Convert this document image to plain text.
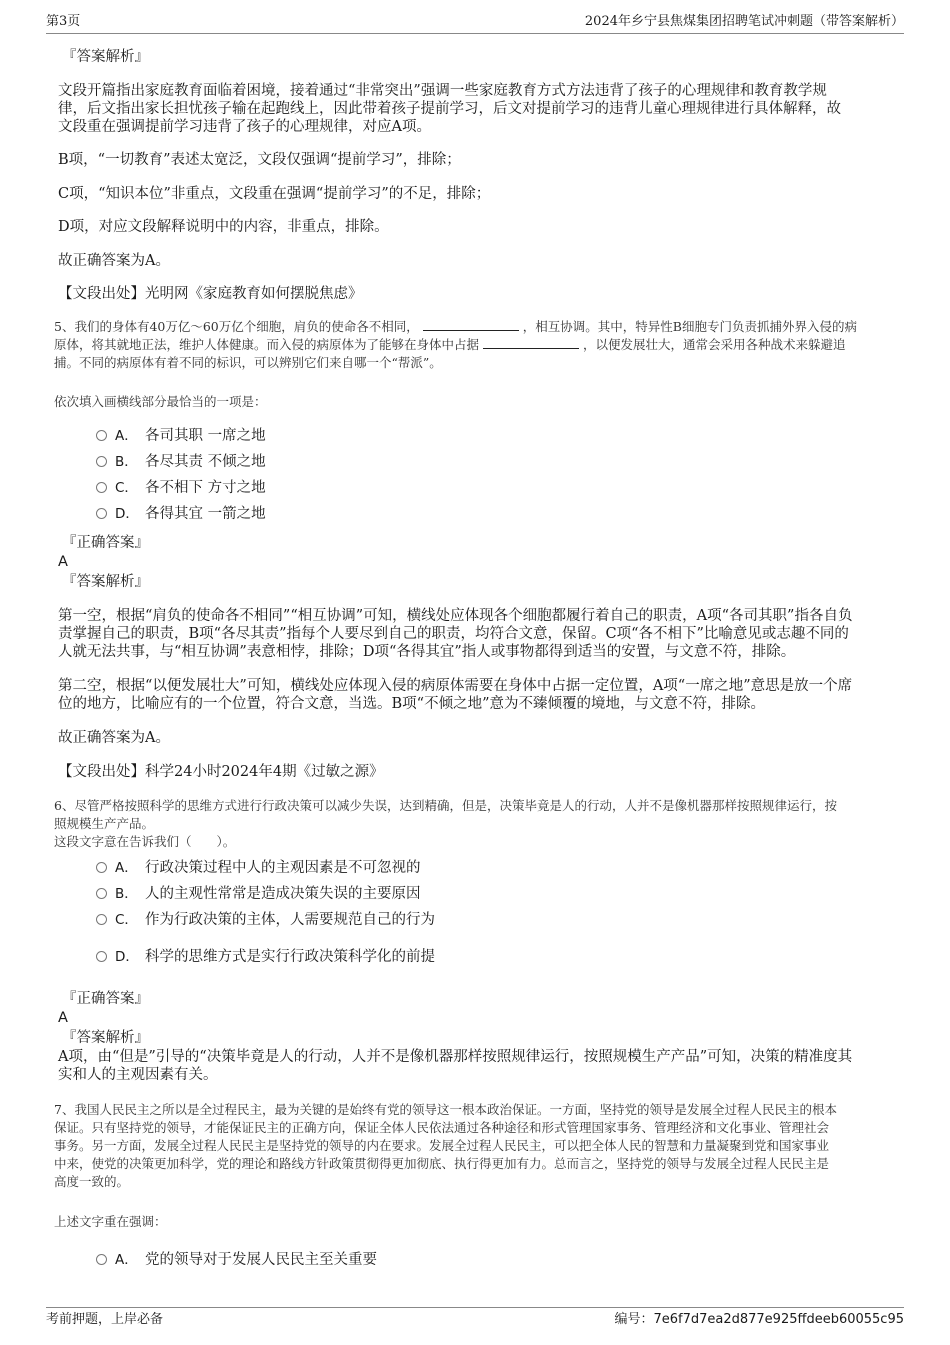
第3页	2024年乡宁县焦煤集团招聘笔试冲刺题（带答案解析）
『答案解析』
文段开篇指出家庭教育面临着困境，接着通过“非常突出”强调一些家庭教育方式方法违背了孩子的心理规律和教育教学规
律，后文指出家长担忧孩子输在起跑线上，因此带着孩子提前学习，后文对提前学习的违背儿童心理规律进行具体解释，故
文段重在强调提前学习违背了孩子的心理规律，对应A项。
B项，“一切教育”表述太宽泛，文段仅强调“提前学习”，排除；
C项，“知识本位”非重点，文段重在强调“提前学习”的不足，排除；
D项，对应文段解释说明中的内容，非重点，排除。
故正确答案为A。
【文段出处】光明网《家庭教育如何摆脱焦虑》
5、我们的身体有40万亿～60万亿个细胞，肩负的使命各不相同，	，相互协调。其中，特异性B细胞专门负责抓捕外界入侵的病
原体，将其就地正法，维护人体健康。而入侵的病原体为了能够在身体中占据	，以便发展壮大，通常会采用各种战术来躲避追
捕。不同的病原体有着不同的标识，可以辨别它们来自哪一个“帮派”。
依次填入画横线部分最恰当的一项是：
A． 各司其职 一席之地
B． 各尽其责 不倾之地
C． 各不相下 方寸之地
D． 各得其宜 一箭之地
『正确答案』
A
『答案解析』
第一空，根据“肩负的使命各不相同”“相互协调”可知，横线处应体现各个细胞都履行着自己的职责，A项“各司其职”指各自负
责掌握自己的职责，B项“各尽其责”指每个人要尽到自己的职责，均符合文意，保留。C项“各不相下”比喻意见或志趣不同的
人就无法共事，与“相互协调”表意相悖，排除；D项“各得其宜”指人或事物都得到适当的安置，与文意不符，排除。
第二空，根据“以便发展壮大”可知，横线处应体现入侵的病原体需要在身体中占据一定位置，A项“一席之地”意思是放一个席
位的地方，比喻应有的一个位置，符合文意，当选。B项“不倾之地”意为不臻倾覆的境地，与文意不符，排除。
故正确答案为A。
【文段出处】科学24小时2024年4期《过敏之源》
6、尽管严格按照科学的思维方式进行行政决策可以减少失误，达到精确，但是，决策毕竟是人的行动，人并不是像机器那样按照规律运行，按
照规模生产产品。
这段文字意在告诉我们（　　）。
A． 行政决策过程中人的主观因素是不可忽视的
B． 人的主观性常常是造成决策失误的主要原因
C． 作为行政决策的主体，人需要规范自己的行为
D． 科学的思维方式是实行行政决策科学化的前提
『正确答案』
A
『答案解析』
A项，由“但是”引导的“决策毕竟是人的行动，人并不是像机器那样按照规律运行，按照规模生产产品”可知，决策的精准度其
实和人的主观因素有关。
7、我国人民民主之所以是全过程民主，最为关键的是始终有党的领导这一根本政治保证。一方面，坚持党的领导是发展全过程人民民主的根本
保证。只有坚持党的领导，才能保证民主的正确方向，保证全体人民依法通过各种途径和形式管理国家事务、管理经济和文化事业、管理社会
事务。另一方面，发展全过程人民民主是坚持党的领导的内在要求。发展全过程人民民主，可以把全体人民的智慧和力量凝聚到党和国家事业
中来，使党的决策更加科学，党的理论和路线方针政策贯彻得更加彻底、执行得更加有力。总而言之，坚持党的领导与发展全过程人民民主是
高度一致的。
上述文字重在强调：
A． 党的领导对于发展人民民主至关重要
考前押题，上岸必备	编号：7e6f7d7ea2d877e925ffdeeb60055c95
